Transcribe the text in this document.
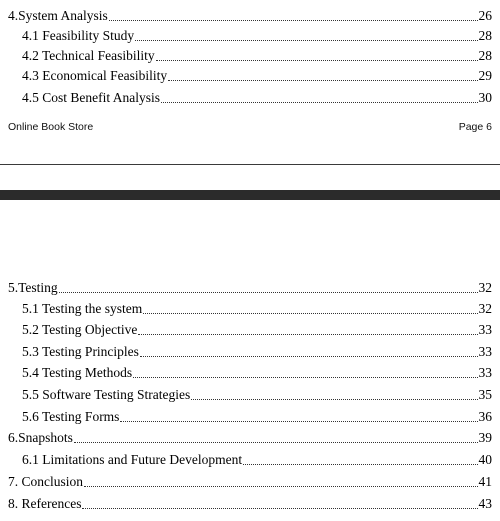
4.System Analysis	26
4.1 Feasibility Study	28
4.2 Technical Feasibility	28
4.3 Economical Feasibility	29
4.5 Cost Benefit Analysis	30
Online Book Store	Page 6
5.Testing	32
5.1 Testing the system	32
5.2 Testing Objective	33
5.3 Testing Principles	33
5.4 Testing Methods	33
5.5 Software Testing Strategies	35
5.6 Testing Forms	36
6.Snapshots	39
6.1 Limitations and Future Development	40
7. Conclusion	41
8. References	43
